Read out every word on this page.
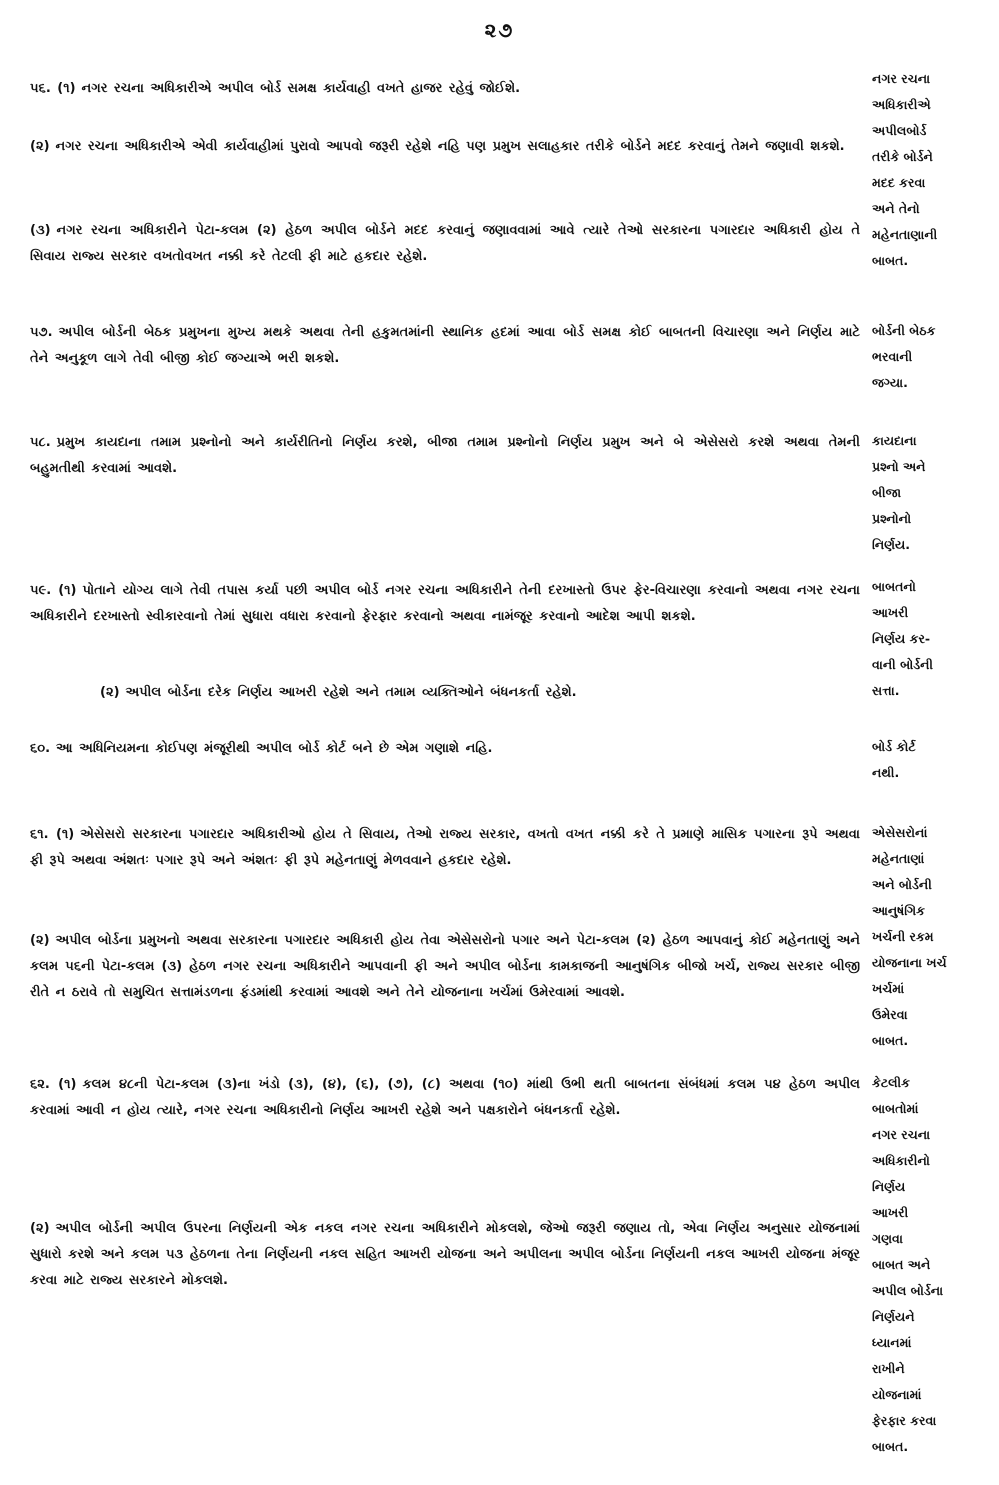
૨૭
૫૬. (૧) નગર રચના અધિકારીએ અપીલ બોર્ડ સમક્ષ કાર્યવાહી વખતે હાજર રહેવું જોઈશે.
(૨) નગર રચના અધિકારીએ એવી કાર્યવાહીમાં પુરાવો આપવો જરૂરી રહેશે નહિ પણ પ્રમુખ સલાહકાર તરીકે બોર્ડને મદદ કરવાનું તેમને જણાવી શકશે.
(૩) નગર રચના અધિકારીને પેટા-કલમ (૨) હેઠળ અપીલ બોર્ડને મદદ કરવાનું જણાવવામાં આવે ત્યારે તેઓ સરકારના પગારદાર અધિકારી હોય તે સિવાય રાજ્ય સરકાર વખતોવખત નક્કી કરે તેટલી ફી માટે હકદાર રહેશે.
નગર રચના
અધિકારીએ
અપીલબોર્ડ
તરીકે બોર્ડને
મદદ કરવા
અને તેનો
મહેનતાણાની
બાબત.
૫૭. અપીલ બોર્ડની બેઠક પ્રમુખના મુખ્ય મથકે અથવા તેની હકુમતમાંની સ્થાનિક હદમાં આવા બોર્ડ સમક્ષ કોઈ બાબતની વિચારણા અને નિર્ણય માટે તેને અનુકૂળ લાગે તેવી બીજી કોઈ જગ્યાએ ભરી શકશે.
બોર્ડની બેઠક
ભરવાની
જગ્યા.
૫૮. પ્રમુખ કાયદાના તમામ પ્રશ્નોનો અને કાર્યરીતિનો નિર્ણય કરશે, બીજા તમામ પ્રશ્નોનો નિર્ણય પ્રમુખ અને બે એસેસરો કરશે અથવા તેમની બહુમતીથી કરવામાં આવશે.
કાયદાના
પ્રશ્નો અને
બીજા
પ્રશ્નોનો
નિર્ણય.
૫૯. (૧) પોતાને યોગ્ય લાગે તેવી તપાસ કર્યા પછી અપીલ બોર્ડ નગર રચના અધિકારીને તેની દરખાસ્તો ઉપર ફેર-વિચારણા કરવાનો અથવા નગર રચના અધિકારીને દરખાસ્તો સ્વીકારવાનો તેમાં સુધારા વધારા કરવાનો ફેરફાર કરવાનો અથવા નામંજૂર કરવાનો આદેશ આપી શકશે.
(૨) અપીલ બોર્ડના દરેક નિર્ણય આખરી રહેશે અને તમામ વ્યક્તિઓને બંધનકર્તા રહેશે.
બાબતનો
આખરી
નિર્ણય કર-
વાની બોર્ડની
સત્તા.
૬૦. આ અધિનિયમના કોઈપણ મંજૂરીથી અપીલ બોર્ડ કોર્ટ બને છે એમ ગણાશે નહિ.	બોર્ડ કોર્ટ
નથી.
૬૧. (૧) એસેસરો સરકારના પગારદાર અધિકારીઓ હોય તે સિવાય, તેઓ રાજ્ય સરકાર, વખતો વખત નક્કી કરે તે પ્રમાણે માસિક પગારના રૂપે અથવા ફી રૂપે અથવા અંશતઃ પગાર રૂપે અને અંશતઃ ફી રૂપે મહેનતાણું મેળવવાને હકદાર રહેશે.
(૨) અપીલ બોર્ડના પ્રમુખનો અથવા સરકારના પગારદાર અધિકારી હોય તેવા એસેસરોનો પગાર અને પેટા-કલમ (૨) હેઠળ આપવાનું કોઈ મહેનતાણું અને કલમ ૫૬ની પેટા-કલમ (૩) હેઠળ નગર રચના અધિકારીને આપવાની ફી અને અપીલ બોર્ડના કામકાજની આનુષંગિક બીજો ખર્ચ, રાજ્ય સરકાર બીજી રીતે ન ઠરાવે તો સમુચિત સત્તામંડળના ફંડમાંથી કરવામાં આવશે અને તેને યોજનાના ખર્ચમાં ઉમેરવામાં આવશે.
એસેસરોનાં
મહેનતાણાં
અને બોર્ડની
આનુષંગિક
ખર્ચની રકમ
યોજનાના ખર્ચ
ખર્ચમાં
ઉમેરવા
બાબત.
૬૨. (૧) કલમ ૪૮ની પેટા-કલમ (૩)ના ખંડો (૩), (૪), (૬), (૭), (૮) અથવા (૧૦) માંથી ઉભી થતી બાબતના સંબંધમાં કલમ ૫૪ હેઠળ અપીલ કરવામાં આવી ન હોય ત્યારે, નગર રચના અધિકારીનો નિર્ણય આખરી રહેશે અને પક્ષકારોને બંધનકર્તા રહેશે.
(૨) અપીલ બોર્ડની અપીલ ઉપરના નિર્ણયની એક નકલ નગર રચના અધિકારીને મોકલશે, જેઓ જરૂરી જણાય તો, એવા નિર્ણય અનુસાર યોજનામાં સુધારો કરશે અને કલમ ૫૩ હેઠળના તેના નિર્ણયની નકલ સહિત આખરી યોજના અને અપીલના અપીલ બોર્ડના નિર્ણયની નકલ આખરી યોજના મંજૂર કરવા માટે રાજ્ય સરકારને મોકલશે.
કેટલીક
બાબતોમાં
નગર રચના
અધિકારીનો
નિર્ણય
આખરી
ગણવા
બાબત અને
અપીલ બોર્ડના
નિર્ણયને
ધ્યાનમાં
રાખીને
યોજનામાં
ફેરફાર કરવા
બાબત.
